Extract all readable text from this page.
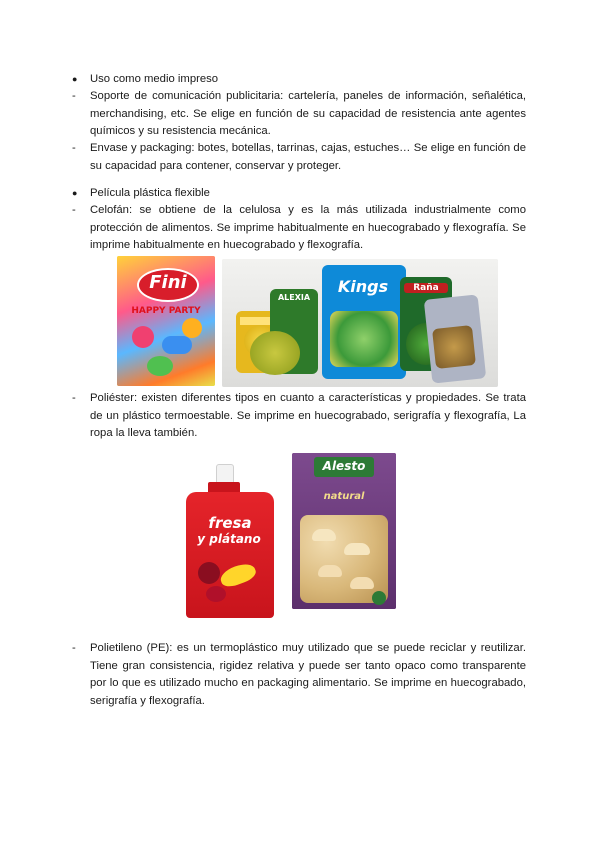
●	Uso como medio impreso

-	Soporte de comunicación publicitaria: cartelería, paneles de información, señalética, merchandising, etc. Se elige en función de su capacidad de resistencia ante agentes químicos y su resistencia mecánica.

-	Envase y packaging: botes, botellas, tarrinas, cajas, estuches… Se elige en función de su capacidad para contener, conservar y proteger.

●	Película plástica flexible

-	Celofán: se obtiene de la celulosa y es la más utilizada industrialmente como protección de alimentos. Se imprime habitualmente en huecograbado y flexografía. Se imprime habitualmente en huecograbado y flexografía.

Fini
HAPPY PARTY

ALEXIA
Kings	Raña
-	Poliéster: existen diferentes tipos en cuanto a características y propiedades. Se trata de un plástico termoestable. Se imprime en huecograbado, serigrafía y flexografía, La ropa la lleva también.

fresa
y plátano
Alesto
natural
-	Polietileno (PE): es un termoplástico muy utilizado que se puede reciclar y reutilizar. Tiene gran consistencia, rigidez relativa y puede ser tanto opaco como transparente por lo que es utilizado mucho en packaging alimentario. Se imprime en huecograbado, serigrafía y flexografía.
